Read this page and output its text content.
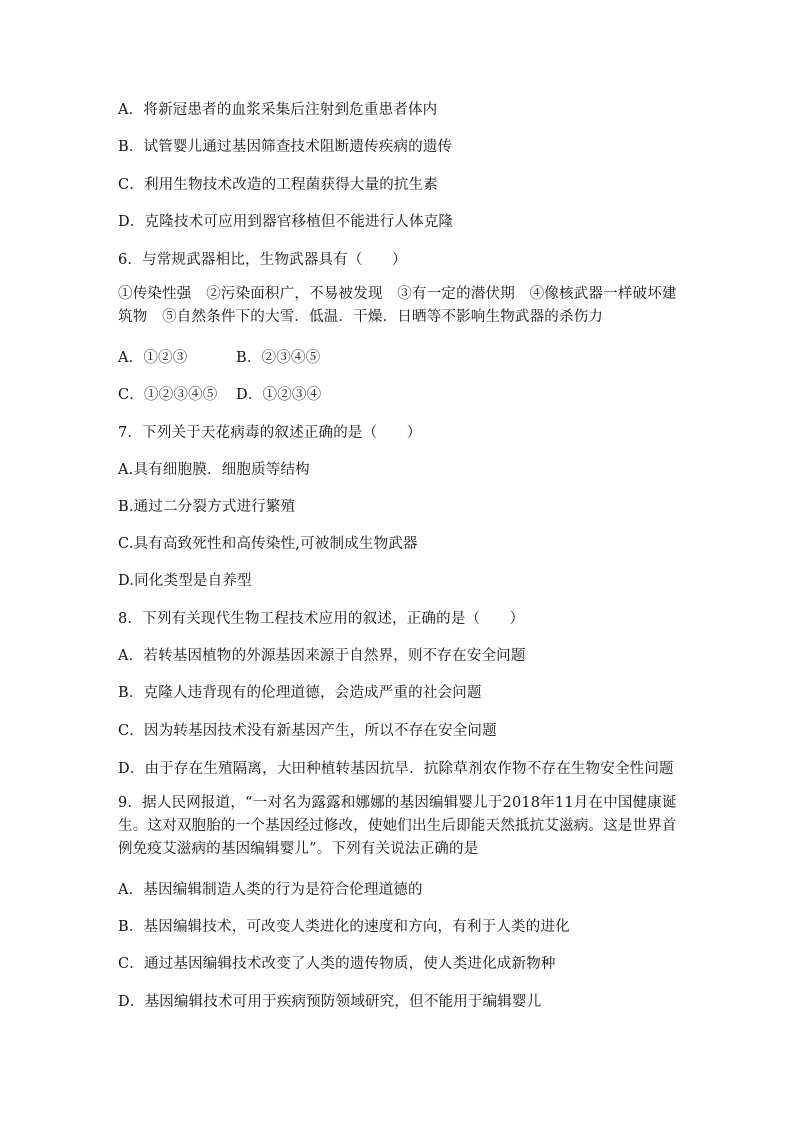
A．将新冠患者的血浆采集后注射到危重患者体内
B．试管婴儿通过基因筛查技术阻断遗传疾病的遗传
C．利用生物技术改造的工程菌获得大量的抗生素
D．克隆技术可应用到器官移植但不能进行人体克隆
6．与常规武器相比，生物武器具有（　　）
①传染性强　②污染面积广，不易被发现　③有一定的潜伏期　④像核武器一样破坏建筑物　⑤自然条件下的大雪．低温．干燥．日晒等不影响生物武器的杀伤力
A．①②③	B．②③④⑤
C．①②③④⑤ D．①②③④
7．下列关于天花病毒的叙述正确的是（　　）
A.具有细胞膜．细胞质等结构
B.通过二分裂方式进行繁殖
C.具有高致死性和高传染性,可被制成生物武器
D.同化类型是自养型
8．下列有关现代生物工程技术应用的叙述，正确的是（　　）
A．若转基因植物的外源基因来源于自然界，则不存在安全问题
B．克隆人违背现有的伦理道德，会造成严重的社会问题
C．因为转基因技术没有新基因产生，所以不存在安全问题
D．由于存在生殖隔离，大田种植转基因抗旱．抗除草剂农作物不存在生物安全性问题
9．据人民网报道，“一对名为露露和娜娜的基因编辑婴儿于2018年11月在中国健康诞生。这对双胞胎的一个基因经过修改，使她们出生后即能天然抵抗艾滋病。这是世界首例免疫艾滋病的基因编辑婴儿”。下列有关说法正确的是
A．基因编辑制造人类的行为是符合伦理道德的
B．基因编辑技术，可改变人类进化的速度和方向，有利于人类的进化
C．通过基因编辑技术改变了人类的遗传物质，使人类进化成新物种
D．基因编辑技术可用于疾病预防领域研究，但不能用于编辑婴儿
